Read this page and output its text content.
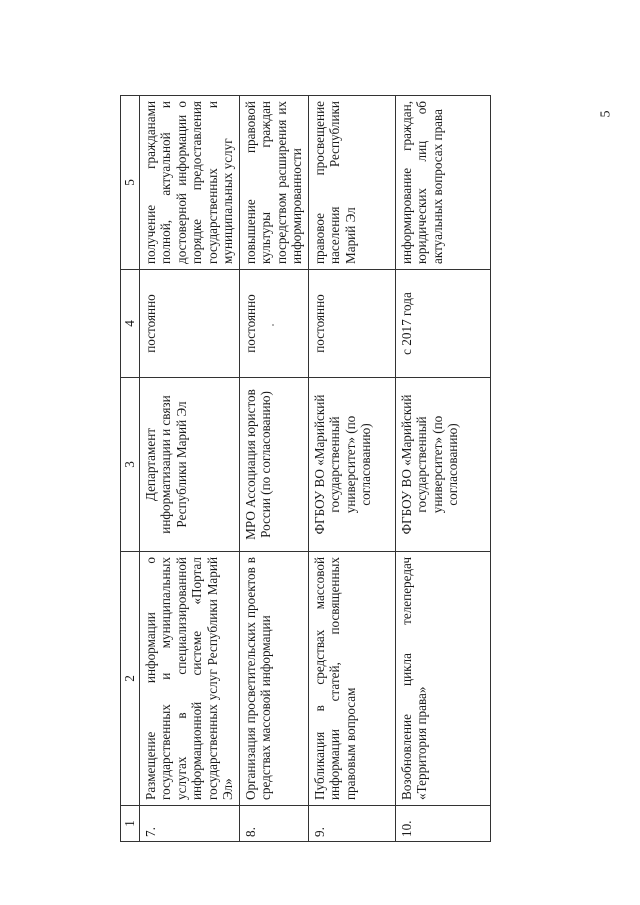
5
1	2	3	4	5
7.	Размещение информации о государственных и муниципальных услугах в специализированной информационной системе «Портал государственных услуг Республики Марий Эл»	Департамент информатизации и связи Республики Марий Эл	постоянно	получение гражданами полной, актуальной и достоверной информации о порядке предоставления государственных и муниципальных услуг
8.	Организация просветительских проектов в средствах массовой информации	МРО Ассоциация юристов России (по согласованию)	постоянно	повышение правовой культуры граждан посредством расширения их информированности
9.	Публикация в средствах массовой информации статей, посвященных правовым вопросам	ФГБОУ ВО «Марийский государственный университет» (по согласованию)	постоянно	правовое просвещение населения Республики Марий Эл
10.	Возобновление цикла телепередач «Территория права»	ФГБОУ ВО «Марийский государственный университет» (по согласованию)	с 2017 года	информирование граждан, юридических лиц об актуальных вопросах права
